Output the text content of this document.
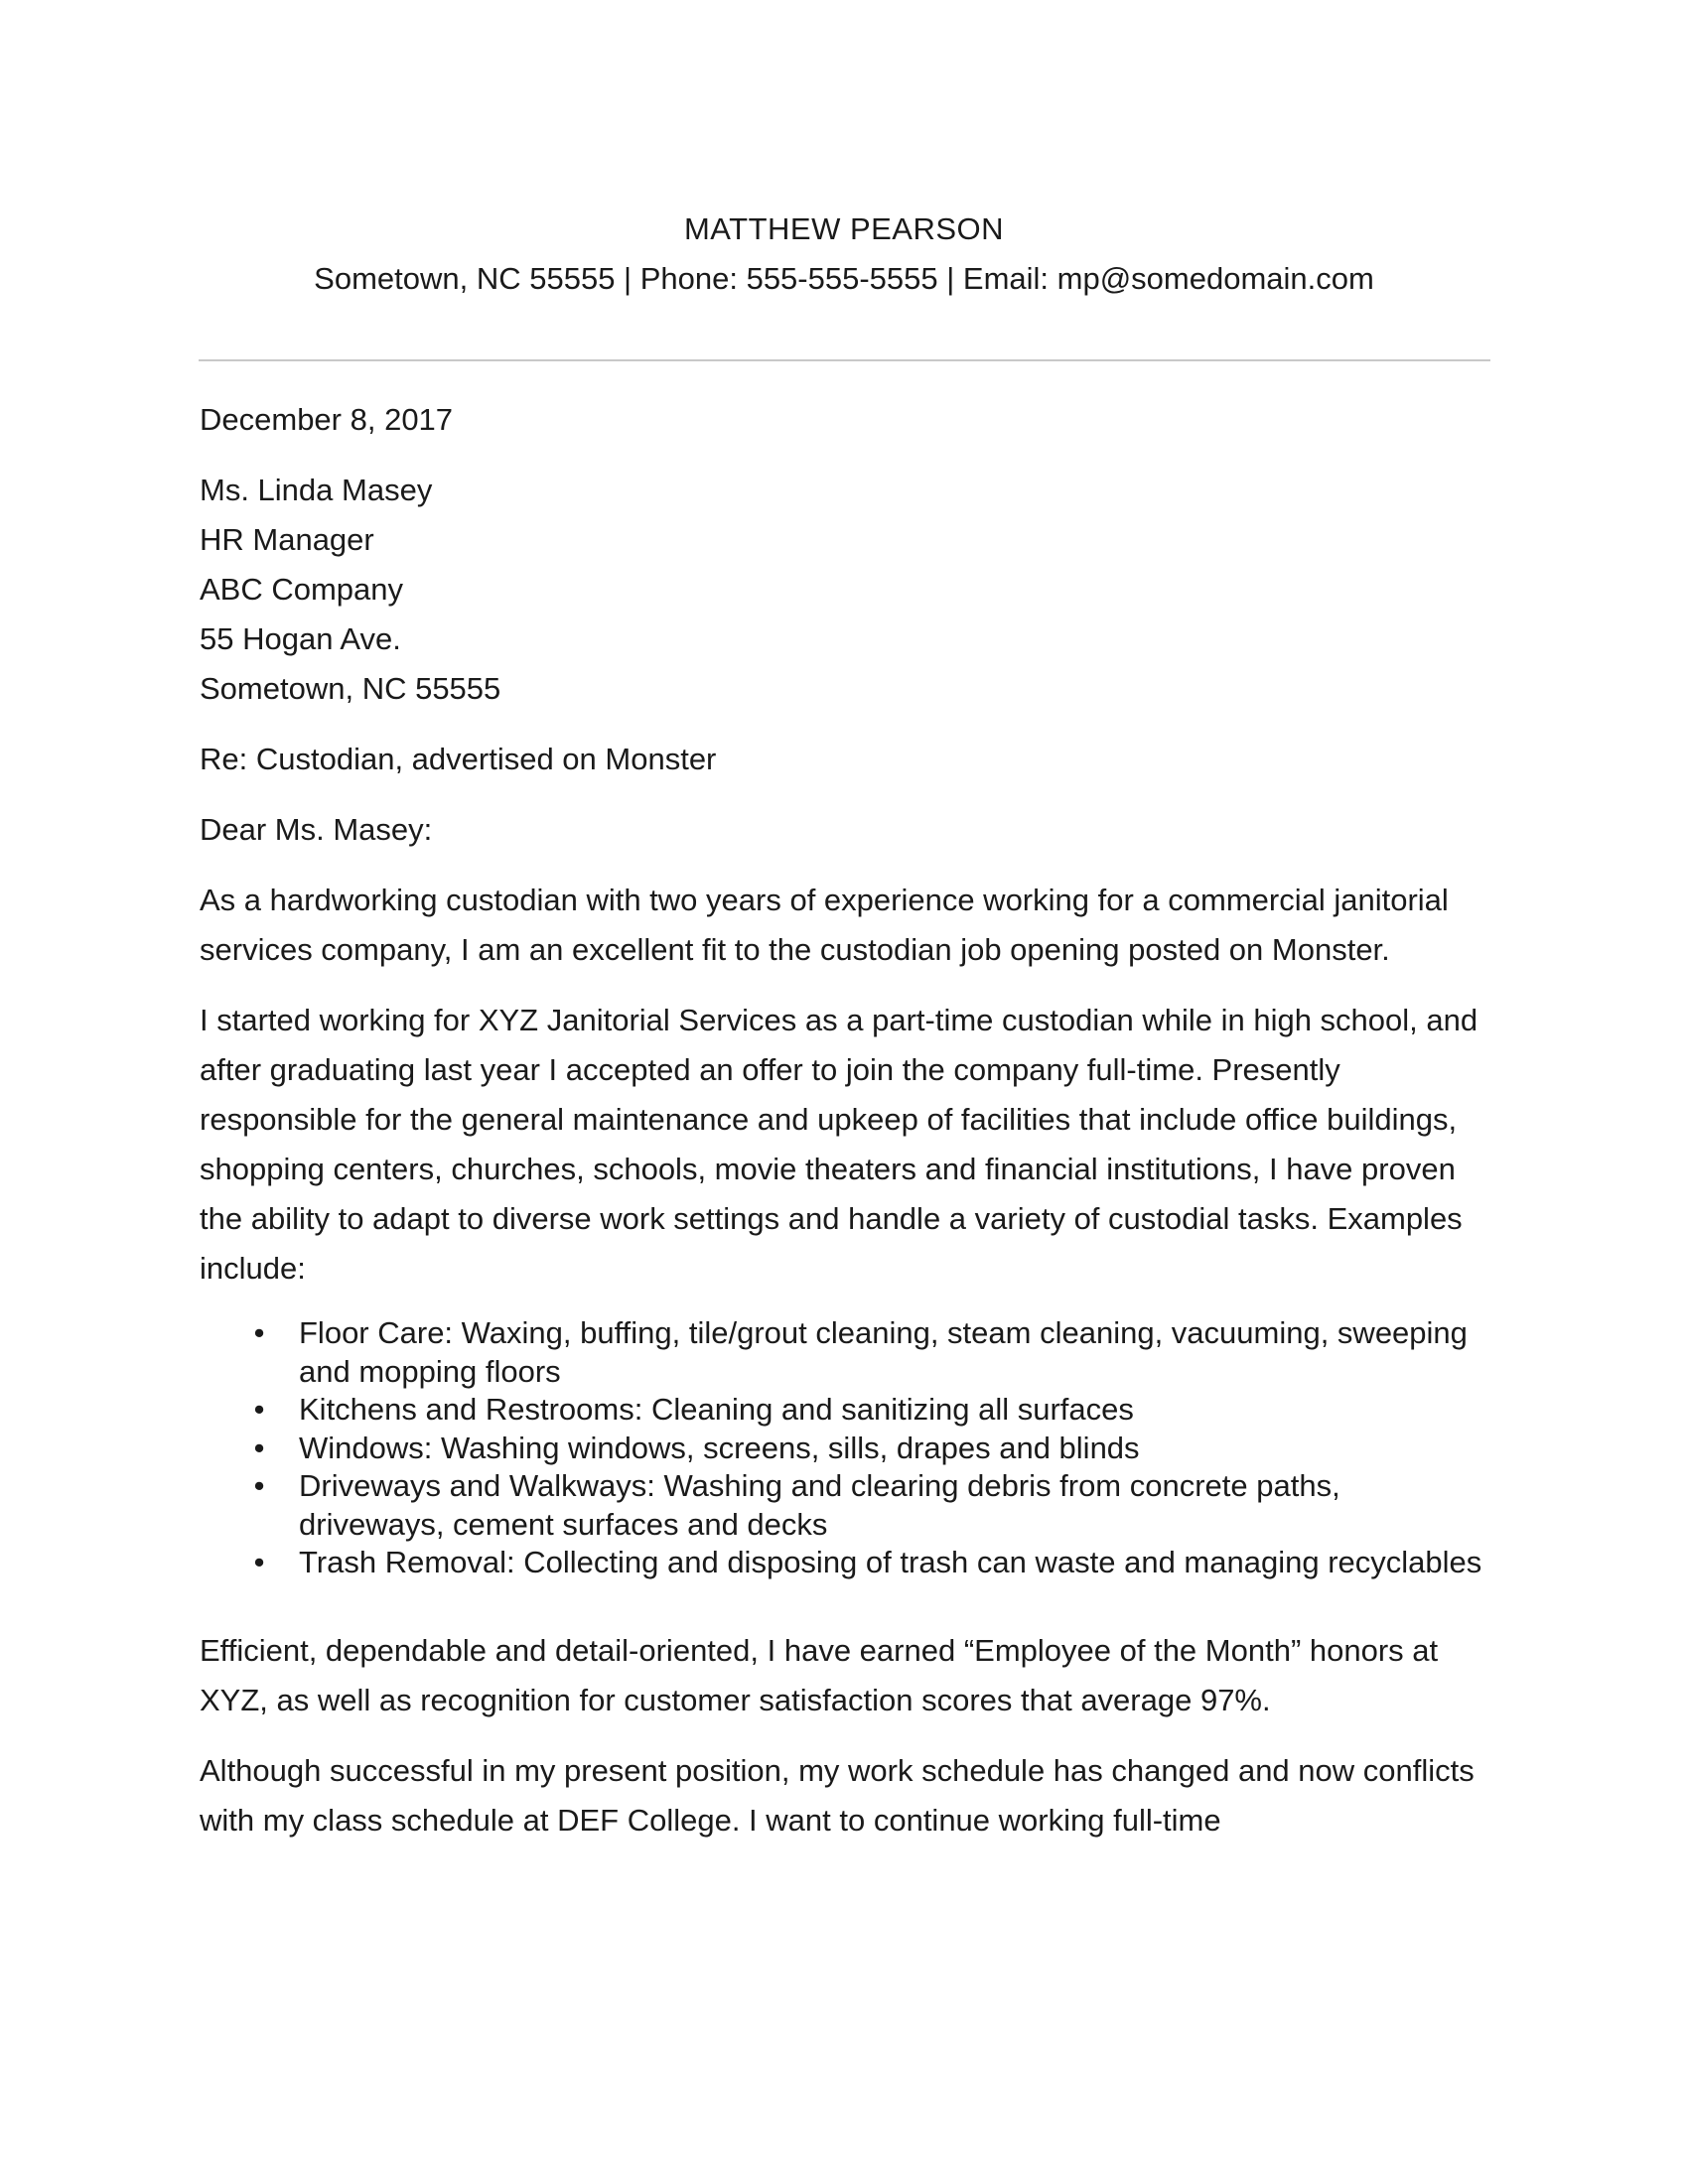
MATTHEW PEARSON
Sometown, NC 55555 | Phone: 555-555-5555 | Email: mp@somedomain.com

December 8, 2017

Ms. Linda Masey
HR Manager
ABC Company
55 Hogan Ave.
Sometown, NC 55555

Re: Custodian, advertised on Monster

Dear Ms. Masey:

As a hardworking custodian with two years of experience working for a commercial janitorial services company, I am an excellent fit to the custodian job opening posted on Monster.

I started working for XYZ Janitorial Services as a part-time custodian while in high school, and after graduating last year I accepted an offer to join the company full-time. Presently responsible for the general maintenance and upkeep of facilities that include office buildings, shopping centers, churches, schools, movie theaters and financial institutions, I have proven the ability to adapt to diverse work settings and handle a variety of custodial tasks. Examples include:

• Floor Care: Waxing, buffing, tile/grout cleaning, steam cleaning, vacuuming, sweeping and mopping floors
• Kitchens and Restrooms: Cleaning and sanitizing all surfaces
• Windows: Washing windows, screens, sills, drapes and blinds
• Driveways and Walkways: Washing and clearing debris from concrete paths, driveways, cement surfaces and decks
• Trash Removal: Collecting and disposing of trash can waste and managing recyclables

Efficient, dependable and detail-oriented, I have earned “Employee of the Month” honors at XYZ, as well as recognition for customer satisfaction scores that average 97%.

Although successful in my present position, my work schedule has changed and now conflicts with my class schedule at DEF College. I want to continue working full-time
